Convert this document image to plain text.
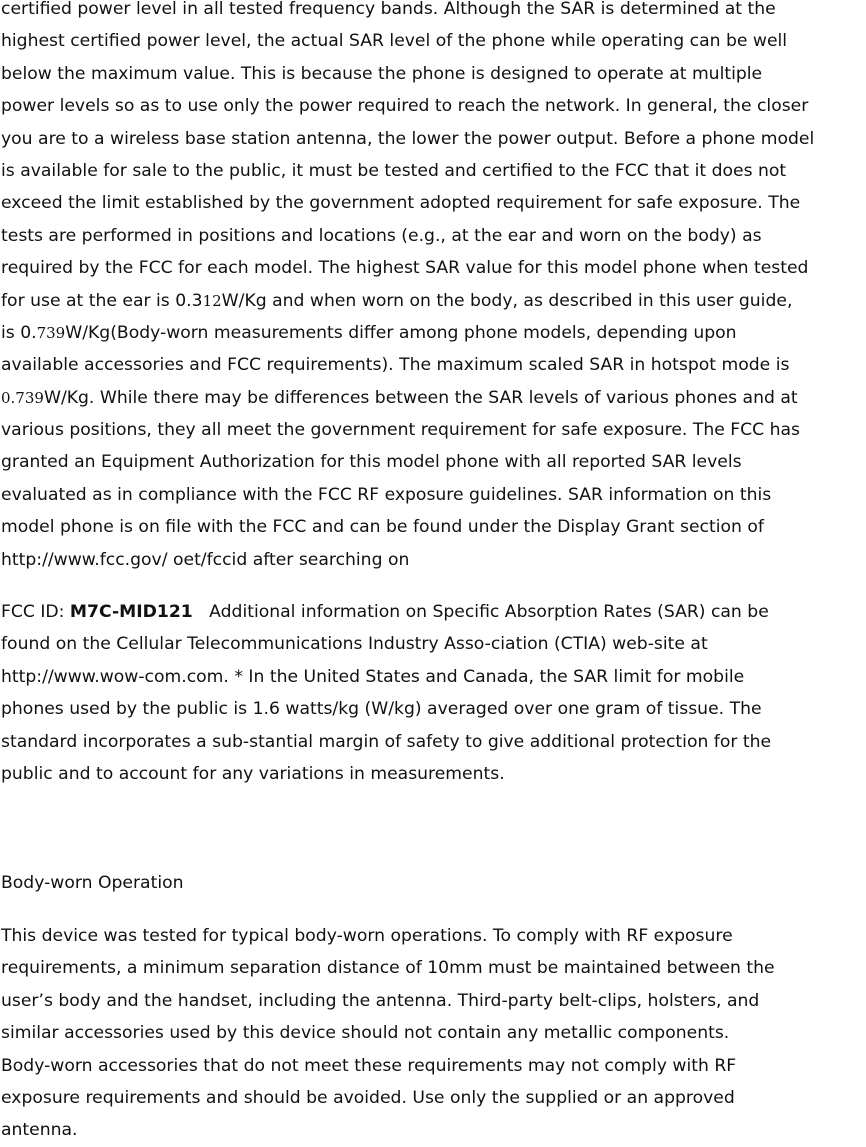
certified power level in all tested frequency bands. Although the SAR is determined at the
highest certified power level, the actual SAR level of the phone while operating can be well
below the maximum value. This is because the phone is designed to operate at multiple
power levels so as to use only the power required to reach the network. In general, the closer
you are to a wireless base station antenna, the lower the power output. Before a phone model
is available for sale to the public, it must be tested and certified to the FCC that it does not
exceed the limit established by the government adopted requirement for safe exposure. The
tests are performed in positions and locations (e.g., at the ear and worn on the body) as
required by the FCC for each model. The highest SAR value for this model phone when tested
for use at the ear is 0.312W/Kg and when worn on the body, as described in this user guide,
is 0.739W/Kg(Body-worn measurements differ among phone models, depending upon
available accessories and FCC requirements). The maximum scaled SAR in hotspot mode is
0.739W/Kg. While there may be differences between the SAR levels of various phones and at
various positions, they all meet the government requirement for safe exposure. The FCC has
granted an Equipment Authorization for this model phone with all reported SAR levels
evaluated as in compliance with the FCC RF exposure guidelines. SAR information on this
model phone is on file with the FCC and can be found under the Display Grant section of
http://www.fcc.gov/ oet/fccid after searching on
FCC ID: M7C-MID121 Additional information on Specific Absorption Rates (SAR) can be
found on the Cellular Telecommunications Industry Asso-ciation (CTIA) web-site at
http://www.wow-com.com. * In the United States and Canada, the SAR limit for mobile
phones used by the public is 1.6 watts/kg (W/kg) averaged over one gram of tissue. The
standard incorporates a sub-stantial margin of safety to give additional protection for the
public and to account for any variations in measurements.
Body-worn Operation
This device was tested for typical body-worn operations. To comply with RF exposure
requirements, a minimum separation distance of 10mm must be maintained between the
user’s body and the handset, including the antenna. Third-party belt-clips, holsters, and
similar accessories used by this device should not contain any metallic components.
Body-worn accessories that do not meet these requirements may not comply with RF
exposure requirements and should be avoided. Use only the supplied or an approved
antenna.
